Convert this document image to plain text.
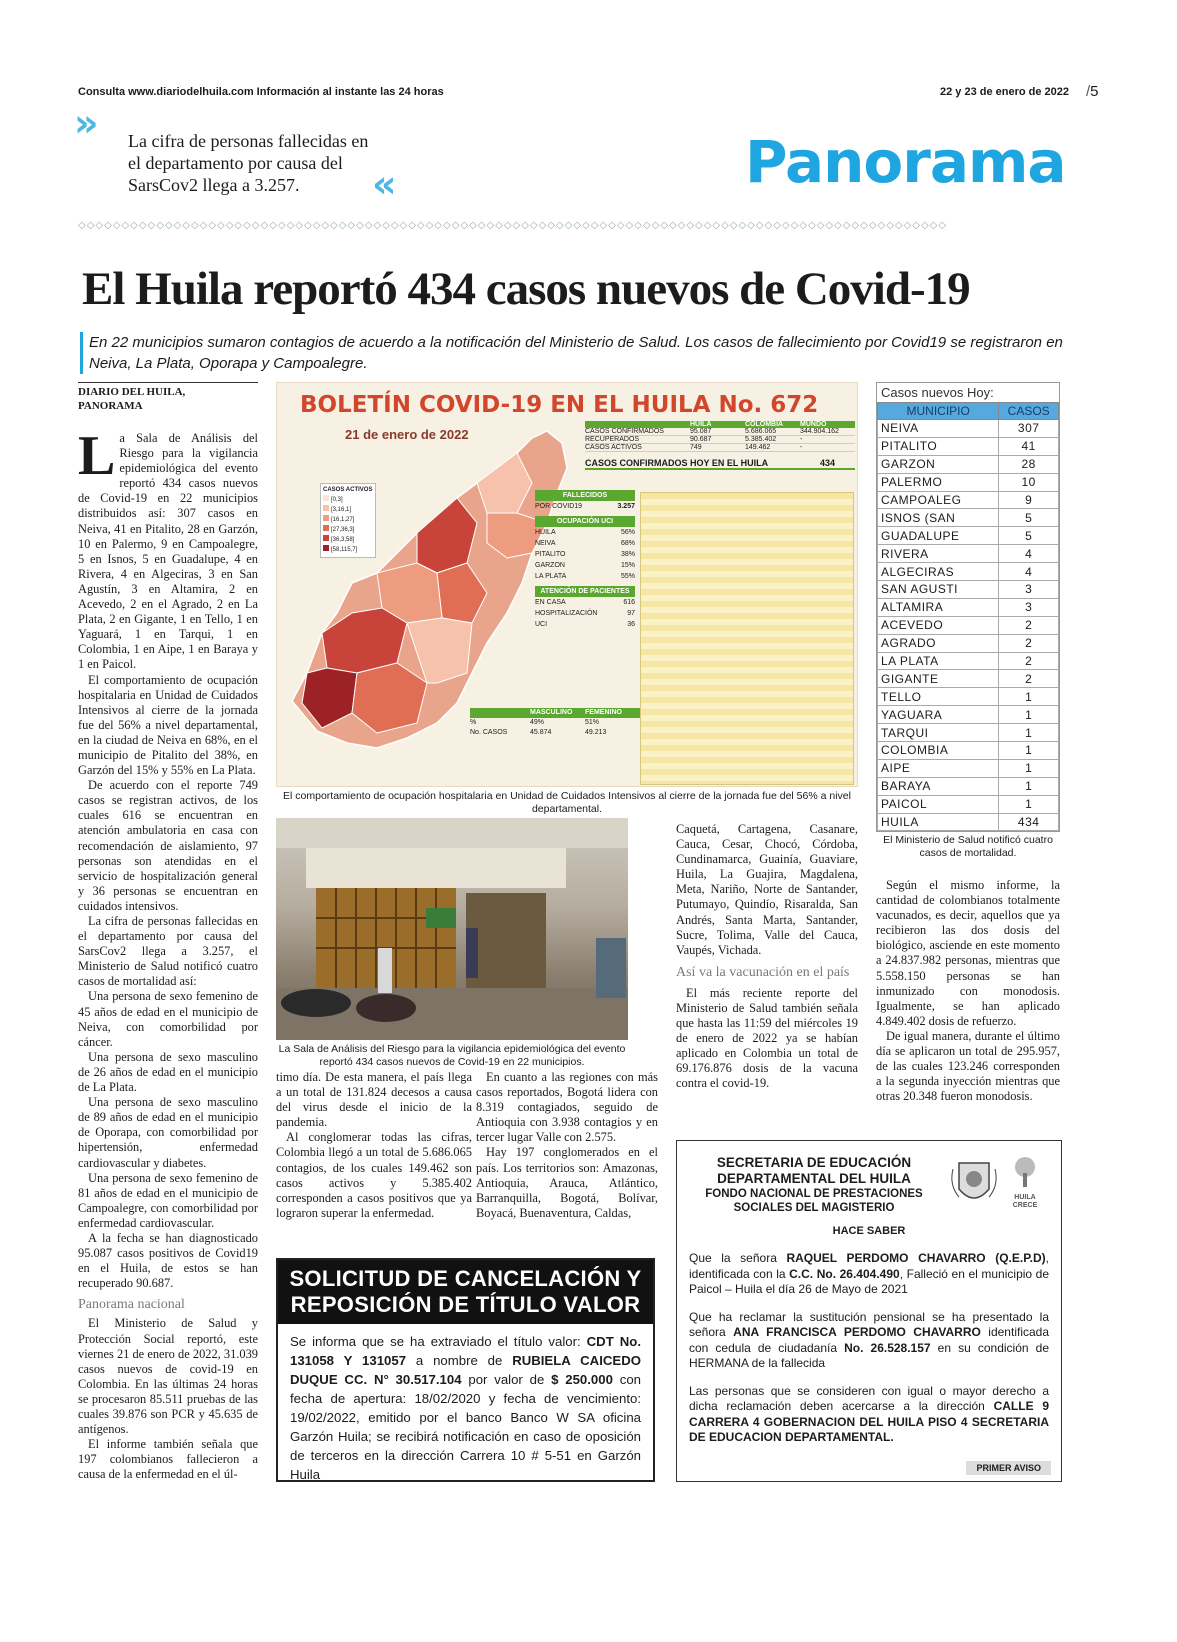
Consulta www.diariodelhuila.com Información al instante las 24 horas	22 y 23 de enero de 2022 /5
» La cifra de personas fallecidas en el departamento por causa del SarsCov2 llega a 3.257.	«	Panorama
◇◇◇◇◇◇◇◇◇◇◇◇◇◇◇◇◇◇◇◇◇◇◇◇◇◇◇◇◇◇◇◇◇◇◇◇◇◇◇◇◇◇◇◇◇◇◇◇◇◇◇◇◇◇◇◇◇◇◇◇◇◇◇◇◇◇◇◇◇◇◇◇◇◇◇◇◇◇◇◇◇◇◇◇◇◇◇◇◇◇◇◇◇◇◇◇◇◇◇◇
El Huila reportó 434 casos nuevos de Covid-19
En 22 municipios sumaron contagios de acuerdo a la notificación del Ministerio de Salud. Los casos de fallecimiento por Covid19 se registraron en Neiva, La Plata, Oporapa y Campoalegre.
DIARIO DEL HUILA,
PANORAMA

La Sala de Análisis del Riesgo para la vigilancia epidemiológica del evento reportó 434 casos nuevos de Covid-19 en 22 municipios distribuidos así: 307 casos en Neiva, 41 en Pitalito, 28 en Garzón, 10 en Palermo, 9 en Campoalegre, 5 en Isnos, 5 en Guadalupe, 4 en Rivera, 4 en Algeciras, 3 en San Agustín, 3 en Altamira, 2 en Acevedo, 2 en el Agrado, 2 en La Plata, 2 en Gigante, 1 en Tello, 1 en Yaguará, 1 en Tarqui, 1 en Colombia, 1 en Aipe, 1 en Baraya y 1 en Paicol.

El comportamiento de ocupación hospitalaria en Unidad de Cuidados Intensivos al cierre de la jornada fue del 56% a nivel departamental, en la ciudad de Neiva en 68%, en el municipio de Pitalito del 38%, en Garzón del 15% y 55% en La Plata.

De acuerdo con el reporte 749 casos se registran activos, de los cuales 616 se encuentran en atención ambulatoria en casa con recomendación de aislamiento, 97 personas son atendidas en el servicio de hospitalización general y 36 personas se encuentran en cuidados intensivos.

La cifra de personas fallecidas en el departamento por causa del SarsCov2 llega a 3.257, el Ministerio de Salud notificó cuatro casos de mortalidad así:

Una persona de sexo femenino de 45 años de edad en el municipio de Neiva, con comorbilidad por cáncer.

Una persona de sexo masculino de 26 años de edad en el municipio de La Plata.

Una persona de sexo masculino de 89 años de edad en el municipio de Oporapa, con comorbilidad por hipertensión, enfermedad cardiovascular y diabetes.

Una persona de sexo femenino de 81 años de edad en el municipio de Campoalegre, con comorbilidad por enfermedad cardiovascular.

A la fecha se han diagnosticado 95.087 casos positivos de Covid19 en el Huila, de estos se han recuperado 90.687.

Panorama nacional

El Ministerio de Salud y Protección Social reportó, este viernes 21 de enero de 2022, 31.039 casos nuevos de covid-19 en Colombia. En las últimas 24 horas se procesaron 85.511 pruebas de las cuales 39.876 son PCR y 45.635 de antígenos.

El informe también señala que 197 colombianos fallecieron a causa de la enfermedad en el úl-

BOLETÍN COVID-19 EN EL HUILA No. 672
21 de enero de 2022
CASOS ACTIVOS
[0,3]
[3,16,1]
[16,1,27]
[27,36,3]
[36,3,58]
[58,115,7]
HUILA	COLOMBIA	MUNDO
CASOS CONFIRMADOS	95.087	5.686.065	344.904.162
RECUPERADOS	90.687	5.385.402	-
CASOS ACTIVOS	749	149.462	-
CASOS CONFIRMADOS HOY EN EL HUILA	434
FALLECIDOS
POR COVID19	3.257
OCUPACIÓN UCI
HUILA	56%
NEIVA	68%
PITALITO	38%
GARZON	15%
LA PLATA	55%
ATENCIÓN DE PACIENTES
EN CASA	616
HOSPITALIZACIÓN	97
UCI	36
MASCULINO	FEMENINO
%	49%	51%
No. CASOS	45.874	49.213
El comportamiento de ocupación hospitalaria en Unidad de Cuidados Intensivos al cierre de la jornada fue del 56% a nivel departamental.
Casos nuevos Hoy:
MUNICIPIO	CASOS
NEIVA	307
PITALITO	41
GARZON	28
PALERMO	10
CAMPOALEG	9
ISNOS (SAN	5
GUADALUPE	5
RIVERA	4
ALGECIRAS	4
SAN AGUSTI	3
ALTAMIRA	3
ACEVEDO	2
AGRADO	2
LA PLATA	2
GIGANTE	2
TELLO	1
YAGUARA	1
TARQUI	1
COLOMBIA	1
AIPE	1
BARAYA	1
PAICOL	1
HUILA	434
El Ministerio de Salud notificó cuatro casos de mortalidad.
La Sala de Análisis del Riesgo para la vigilancia epidemiológica del evento reportó 434 casos nuevos de Covid-19 en 22 municipios.

timo día. De esta manera, el país llega a un total de 131.824 decesos a causa del virus desde el inicio de la pandemia.

Al conglomerar todas las cifras, Colombia llegó a un total de 5.686.065 contagios, de los cuales 149.462 son casos activos y 5.385.402 corresponden a casos positivos que ya lograron superar la enfermedad.

En cuanto a las regiones con más casos reportados, Bogotá lidera con 8.319 contagiados, seguido de Antioquia con 3.938 contagios y en tercer lugar Valle con 2.575.

Hay 197 conglomerados en el país. Los territorios son: Amazonas, Antioquia, Arauca, Atlántico, Barranquilla, Bogotá, Bolívar, Boyacá, Buenaventura, Caldas,

Caquetá, Cartagena, Casanare, Cauca, Cesar, Chocó, Córdoba, Cundinamarca, Guainía, Guaviare, Huila, La Guajira, Magdalena, Meta, Nariño, Norte de Santander, Putumayo, Quindío, Risaralda, San Andrés, Santa Marta, Santander, Sucre, Tolima, Valle del Cauca, Vaupés, Vichada.

Así va la vacunación en el país

El más reciente reporte del Ministerio de Salud también señala que hasta las 11:59 del miércoles 19 de enero de 2022 ya se habían aplicado en Colombia un total de 69.176.876 dosis de la vacuna contra el covid-19.

Según el mismo informe, la cantidad de colombianos totalmente vacunados, es decir, aquellos que ya recibieron las dos dosis del biológico, asciende en este momento a 24.837.982 personas, mientras que 5.558.150 personas se han inmunizado con monodosis. Igualmente, se han aplicado 4.849.402 dosis de refuerzo.

De igual manera, durante el último día se aplicaron un total de 295.957, de las cuales 123.246 corresponden a la segunda inyección mientras que otras 20.348 fueron monodosis.

SOLICITUD DE CANCELACIÓN Y
REPOSICIÓN DE TÍTULO VALOR
Se informa que se ha extraviado el título valor: CDT No. 131058 Y 131057 a nombre de RUBIELA CAICEDO DUQUE CC. N° 30.517.104 por valor de $ 250.000 con fecha de apertura: 18/02/2020 y fecha de vencimiento: 19/02/2022, emitido por el banco Banco W SA oficina Garzón Huila; se recibirá notificación en caso de oposición de terceros en la dirección Carrera 10 # 5-51 en Garzón Huila
SECRETARIA DE EDUCACIÓN
DEPARTAMENTAL DEL HUILA
FONDO NACIONAL DE PRESTACIONES
SOCIALES DEL MAGISTERIO
HUILA CRECE
HACE SABER

Que la señora RAQUEL PERDOMO CHAVARRO (Q.E.P.D), identificada con la C.C. No. 26.404.490, Falleció en el municipio de Paicol – Huila el día 26 de Mayo de 2021

Que ha reclamar la sustitución pensional se ha presentado la señora ANA FRANCISCA PERDOMO CHAVARRO identificada con cedula de ciudadanía No. 26.528.157 en su condición de HERMANA de la fallecida

Las personas que se consideren con igual o mayor derecho a dicha reclamación deben acercarse a la dirección CALLE 9 CARRERA 4 GOBERNACION DEL HUILA PISO 4 SECRETARIA DE EDUCACION DEPARTAMENTAL.

PRIMER AVISO
